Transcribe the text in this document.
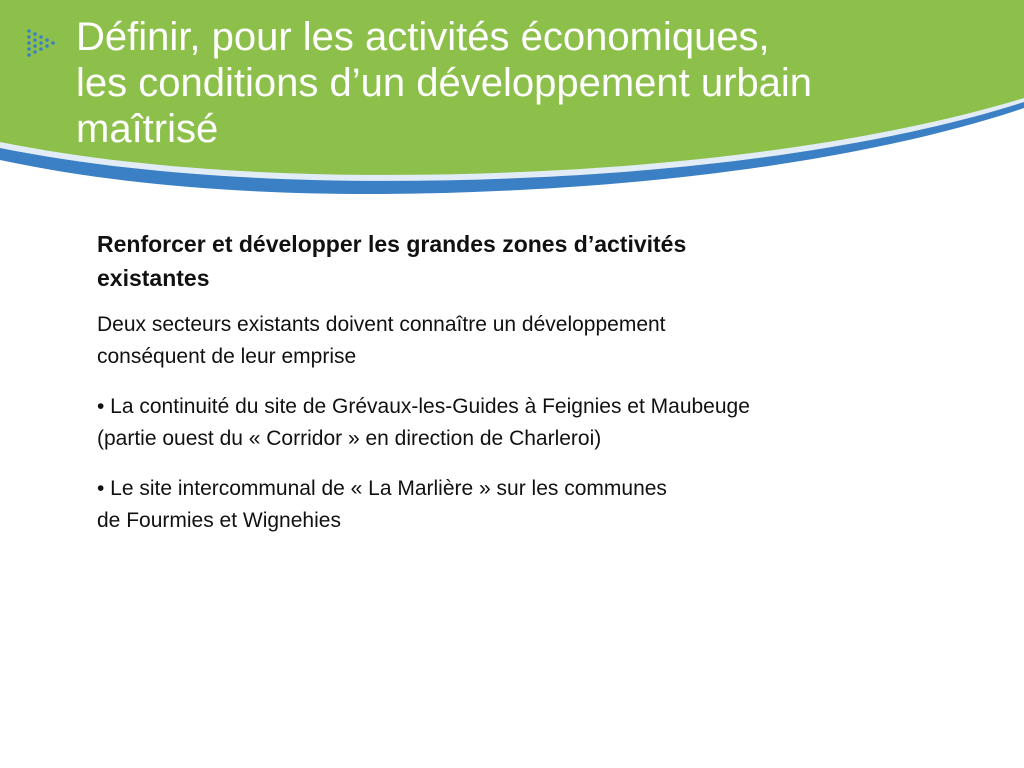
Définir, pour les activités économiques,
les conditions d’un développement urbain
maîtrisé

Renforcer et développer les grandes zones d’activités
existantes

Deux secteurs existants doivent connaître un développement
conséquent de leur emprise

• La continuité du site de Grévaux-les-Guides à Feignies et Maubeuge
(partie ouest du « Corridor » en direction de Charleroi)

• Le site intercommunal de « La Marlière » sur les communes
de Fourmies et Wignehies
